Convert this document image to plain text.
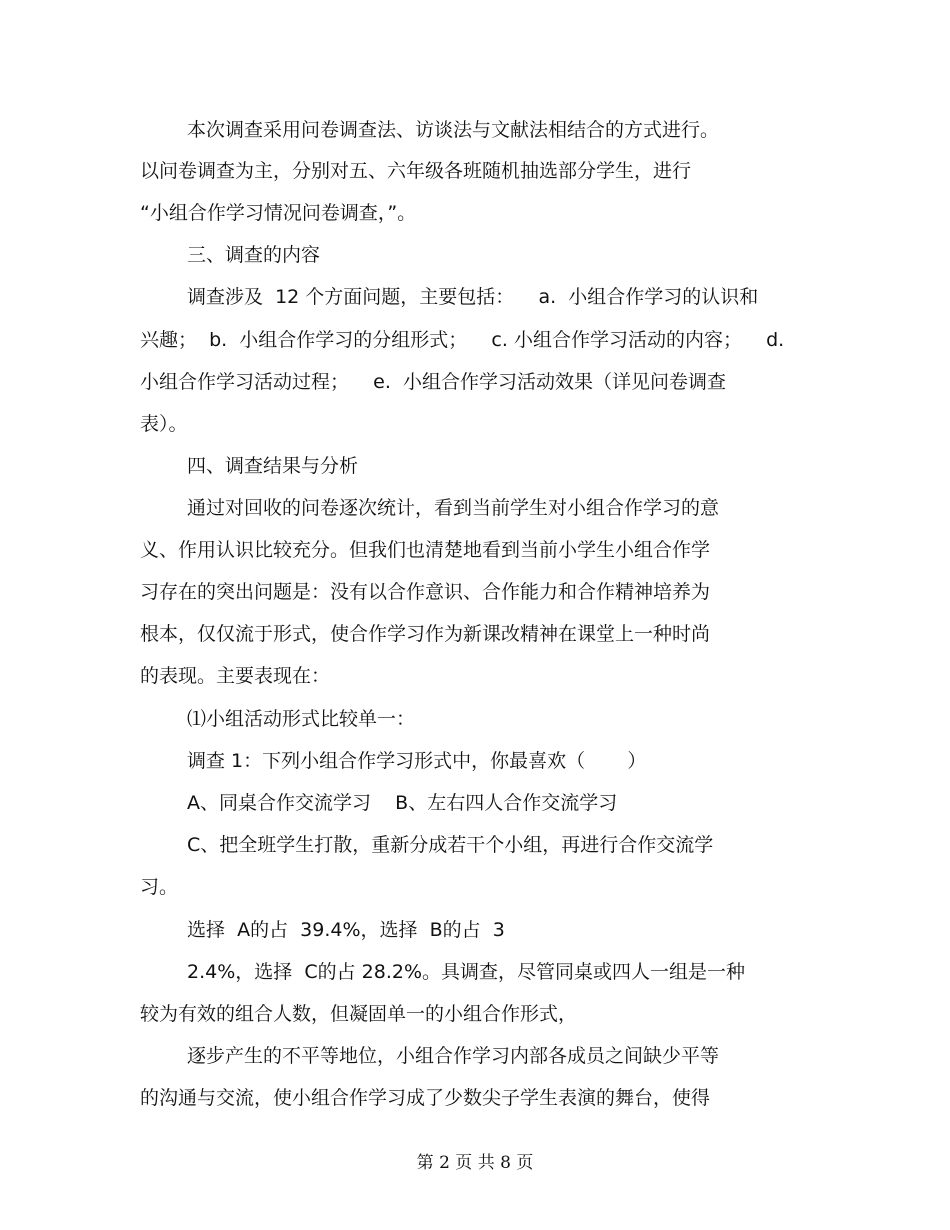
本次调查采用问卷调查法、访谈法与文献法相结合的方式进行。
以问卷调查为主，分别对五、六年级各班随机抽选部分学生，进行
“小组合作学习情况问卷调查，”。
三、调查的内容
调查涉及  12 个方面问题，主要包括：    a.  小组合作学习的认识和
兴趣；  b.  小组合作学习的分组形式；    c. 小组合作学习活动的内容；    d.
小组合作学习活动过程；    e.  小组合作学习活动效果（详见问卷调查
表）。
四、调查结果与分析
通过对回收的问卷逐次统计，看到当前学生对小组合作学习的意
义、作用认识比较充分。但我们也清楚地看到当前小学生小组合作学
习存在的突出问题是：没有以合作意识、合作能力和合作精神培养为
根本，仅仅流于形式，使合作学习作为新课改精神在课堂上一种时尚
的表现。主要表现在：
⑴小组活动形式比较单一：
调查 1：下列小组合作学习形式中，你最喜欢（       ）
A、同桌合作交流学习    B、左右四人合作交流学习
C、把全班学生打散，重新分成若干个小组，再进行合作交流学
习。
选择  A的占  39.4%，选择  B的占  3
2.4%，选择  C的占 28.2%。具调查，尽管同桌或四人一组是一种
较为有效的组合人数，但凝固单一的小组合作形式，
逐步产生的不平等地位，小组合作学习内部各成员之间缺少平等
的沟通与交流，使小组合作学习成了少数尖子学生表演的舞台，使得
第 2 页 共 8 页
